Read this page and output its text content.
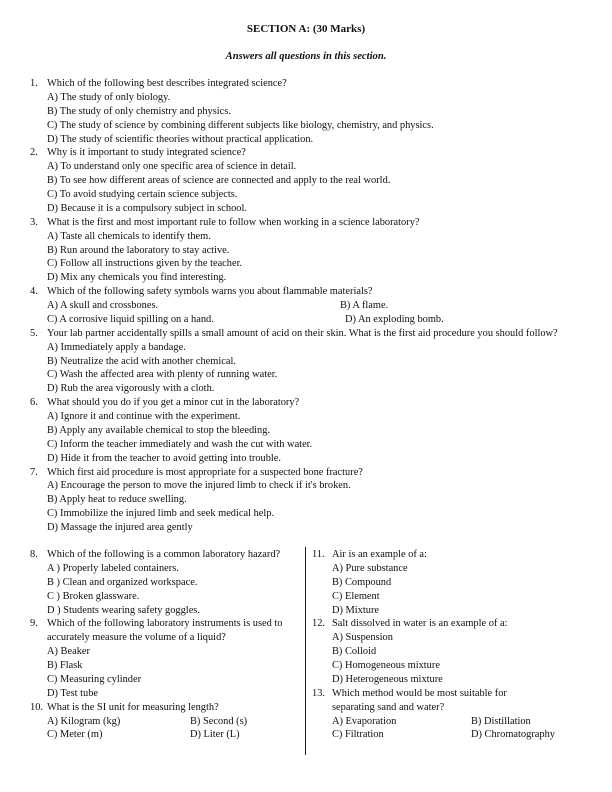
SECTION A: (30 Marks)
Answers all questions in this section.
1. Which of the following best describes integrated science?
A) The study of only biology.
B) The study of only chemistry and physics.
C) The study of science by combining different subjects like biology, chemistry, and physics.
D) The study of scientific theories without practical application.
2. Why is it important to study integrated science?
A) To understand only one specific area of science in detail.
B) To see how different areas of science are connected and apply to the real world.
C) To avoid studying certain science subjects.
D) Because it is a compulsory subject in school.
3. What is the first and most important rule to follow when working in a science laboratory?
A) Taste all chemicals to identify them.
B) Run around the laboratory to stay active.
C) Follow all instructions given by the teacher.
D) Mix any chemicals you find interesting.
4. Which of the following safety symbols warns you about flammable materials?
A) A skull and crossbones.	B) A flame.
C) A corrosive liquid spilling on a hand.	D) An exploding bomb.
5. Your lab partner accidentally spills a small amount of acid on their skin. What is the first aid procedure you should follow?
A) Immediately apply a bandage.
B) Neutralize the acid with another chemical.
C) Wash the affected area with plenty of running water.
D) Rub the area vigorously with a cloth.
6. What should you do if you get a minor cut in the laboratory?
A) Ignore it and continue with the experiment.
B) Apply any available chemical to stop the bleeding.
C) Inform the teacher immediately and wash the cut with water.
D) Hide it from the teacher to avoid getting into trouble.
7. Which first aid procedure is most appropriate for a suspected bone fracture?
A) Encourage the person to move the injured limb to check if it's broken.
B) Apply heat to reduce swelling.
C) Immobilize the injured limb and seek medical help.
D) Massage the injured area gently
8. Which of the following is a common laboratory hazard?
A ) Properly labeled containers.
B ) Clean and organized workspace.
C ) Broken glassware.
D ) Students wearing safety goggles.
9. Which of the following laboratory instruments is used to accurately measure the volume of a liquid?
A) Beaker
B) Flask
C) Measuring cylinder
D) Test tube
10. What is the SI unit for measuring length?
A) Kilogram (kg)	B) Second (s)
C) Meter (m)	D) Liter (L)
11. Air is an example of a:
A) Pure substance
B) Compound
C) Element
D) Mixture
12. Salt dissolved in water is an example of a:
A) Suspension
B) Colloid
C) Homogeneous mixture
D) Heterogeneous mixture
13. Which method would be most suitable for separating sand and water?
A) Evaporation	B) Distillation
C) Filtration	D) Chromatography
